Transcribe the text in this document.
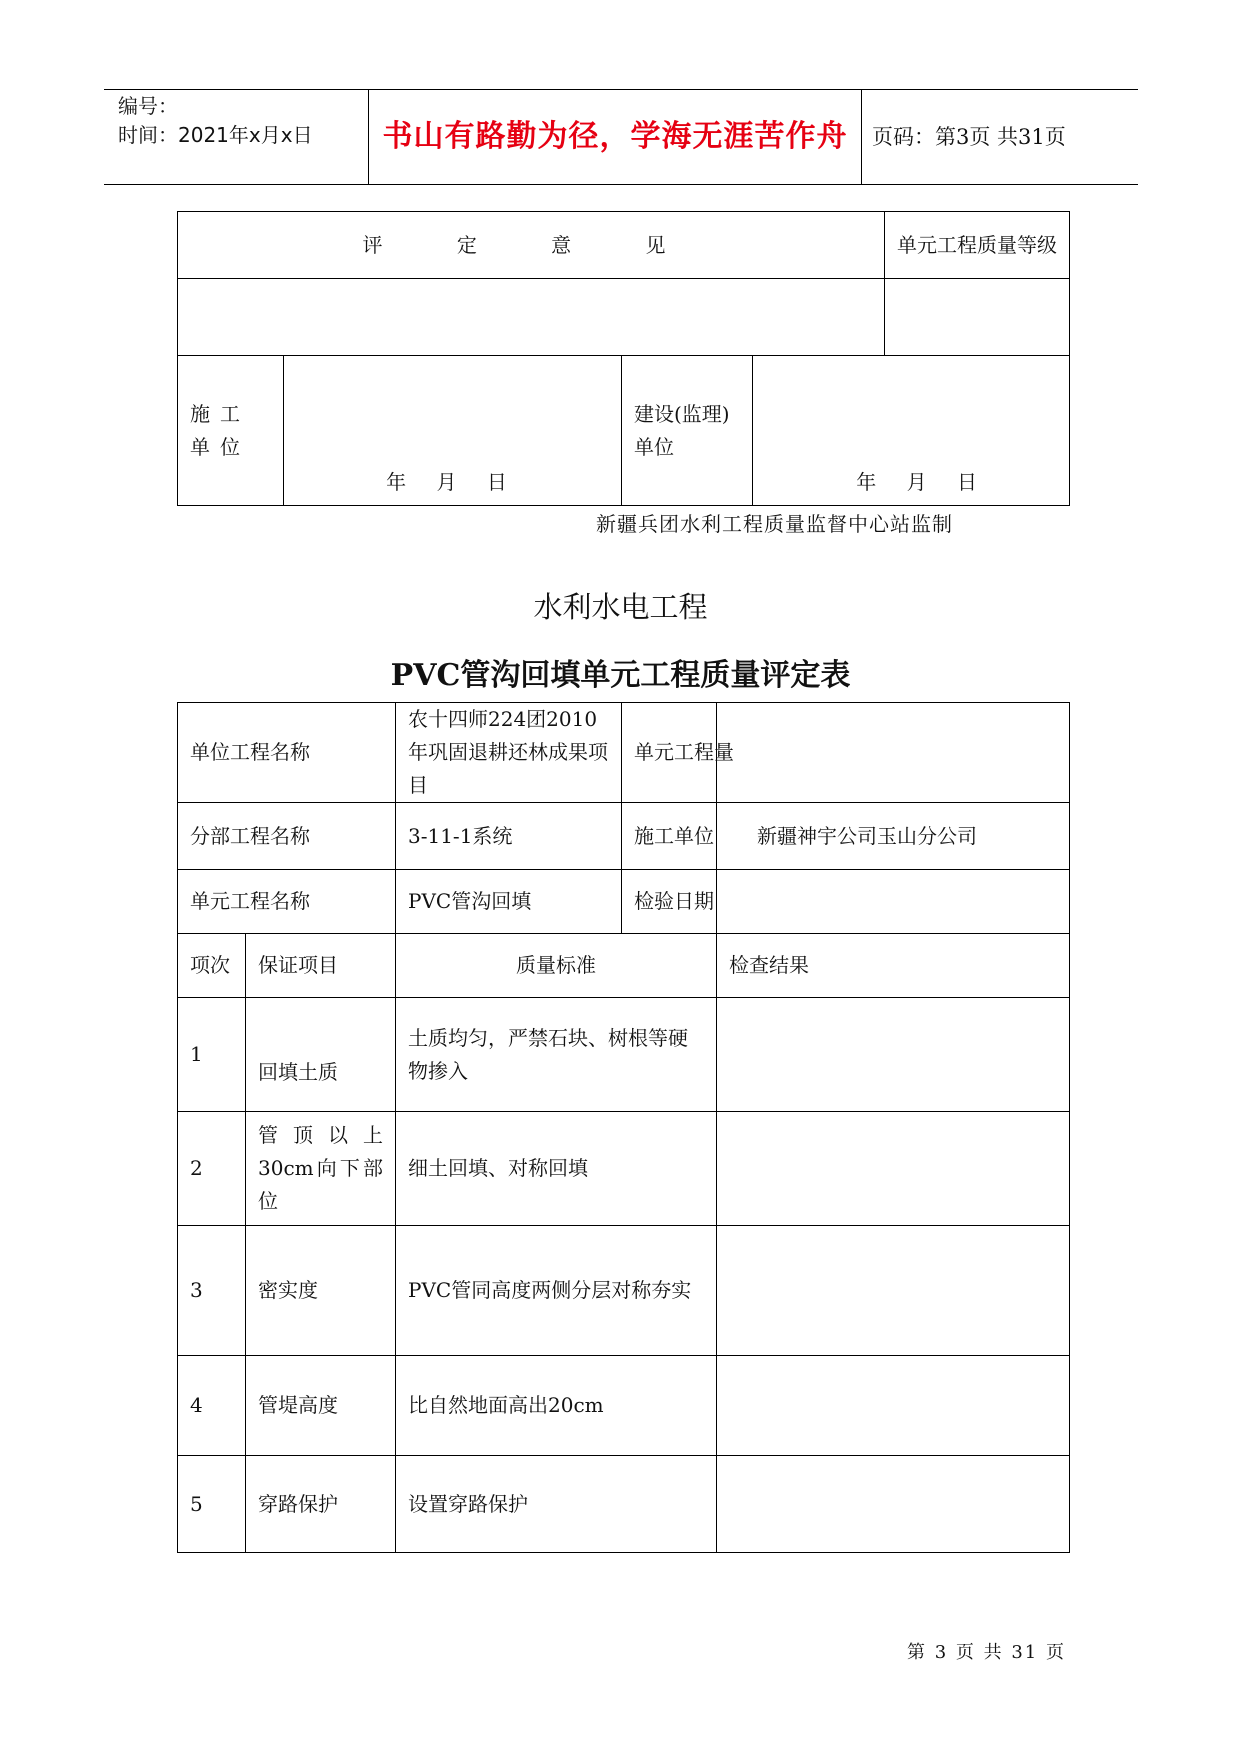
编号：
时间：2021年x月x日	书山有路勤为径，学海无涯苦作舟	页码：第3页 共31页
评 定 意 见				单元工程质量等级

施工单位	年 月 日	建设(监理)单位	年 月 日	
新疆兵团水利工程质量监督中心站监制
水利水电工程
PVC管沟回填单元工程质量评定表
单位工程名称		农十四师224团2010年巩固退耕还林成果项目	单元工程量	
分部工程名称		3-11-1系统	施工单位	新疆神宇公司玉山分公司
单元工程名称		PVC管沟回填	检验日期	
项次	保证项目	质量标准		检查结果
1	回填土质	土质均匀，严禁石块、树根等硬物掺入		
2	管顶以上30cm向下部位	细土回填、对称回填		
3	密实度	PVC管同高度两侧分层对称夯实		
4	管堤高度	比自然地面高出20cm		
5	穿路保护	设置穿路保护		
第 3 页 共 31 页
